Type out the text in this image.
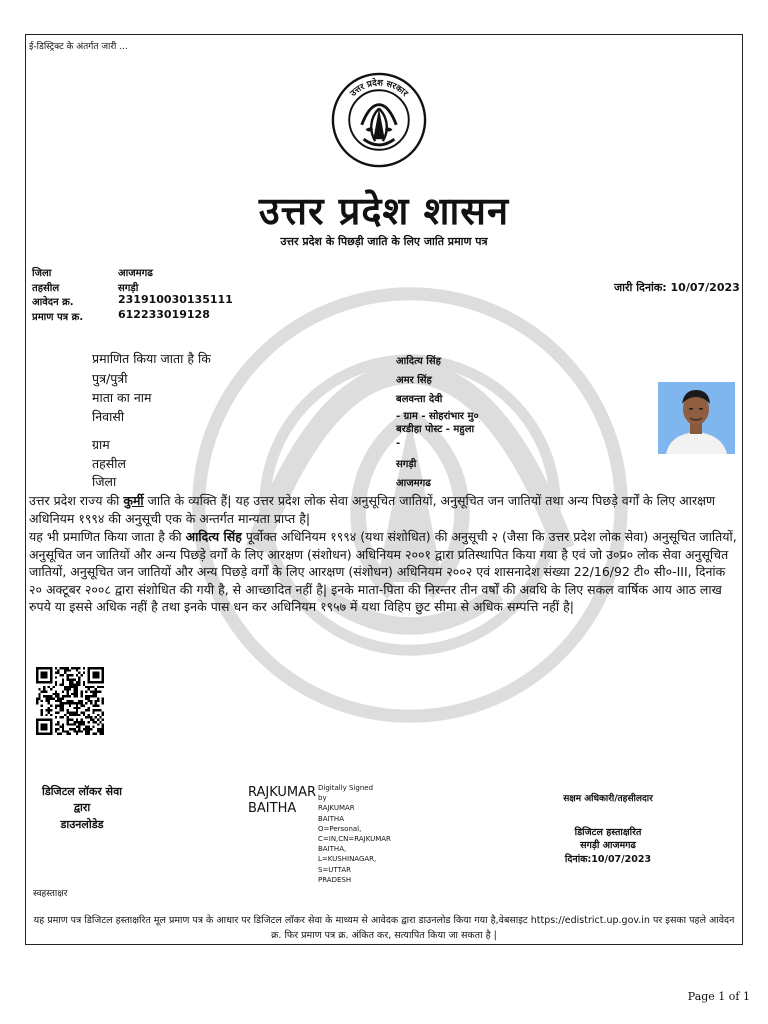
ई-डिस्ट्रिक्ट के अंतर्गत जारी ...
उत्तर प्रदेश सरकार
उत्तर प्रदेश शासन
उत्तर प्रदेश के पिछड़ी जाति के लिए जाति प्रमाण पत्र
जिला	आजमगढ
तहसील	सगड़ी
आवेदन क्र.	231910030135111
प्रमाण पत्र क्र.	612233019128
जारी दिनांक: 10/07/2023
प्रमाणित किया जाता है कि	आदित्य सिंह
पुत्र/पुत्री	अमर सिंह
माता का नाम	बलवन्ता देवी
निवासी	- ग्राम - सोहरांभार मु०
बरडीहा पोस्ट - महुला
ग्राम	-
तहसील	सगड़ी
जिला	आजमगढ
उत्तर प्रदेश राज्य की कुर्मी जाति के व्यक्ति हैं| यह उत्तर प्रदेश लोक सेवा अनुसूचित जातियों, अनुसूचित जन जातियों तथा अन्य पिछड़े वर्गों के लिए आरक्षण अधिनियम १९९४ की अनुसूची एक के अन्तर्गत मान्यता प्राप्त है|
यह भी प्रमाणित किया जाता है की आदित्य सिंह पूर्वोक्त अधिनियम १९९४ (यथा संशोधित) की अनुसूची २ (जैसा कि उत्तर प्रदेश लोक सेवा) अनुसूचित जातियों, अनुसूचित जन जातियों और अन्य पिछड़े वर्गों के लिए आरक्षण (संशोधन) अधिनियम २००१ द्वारा प्रतिस्थापित किया गया है एवं जो उ०प्र० लोक सेवा अनुसूचित जातियों, अनुसूचित जन जातियों और अन्य पिछड़े वर्गों के लिए आरक्षण (संशोधन) अधिनियम २००२ एवं शासनादेश संख्या 22/16/92 टी० सी०-III, दिनांक २० अक्टूबर २००८ द्वारा संशोधित की गयी है, से आच्छादित नहीं है| इनके माता-पिता की निरन्तर तीन वर्षों की अवधि के लिए सकल वार्षिक आय आठ लाख रुपये या इससे अधिक नहीं है तथा इनके पास धन कर अधिनियम १९५७ में यथा विहिप छुट सीमा से अधिक सम्पत्ति नहीं है|
डिजिटल लॉकर सेवा
द्वारा
डाउनलोडेड
RAJKUMAR
BAITHA
Digitally Signed
by
RAJKUMAR
BAITHA
O=Personal,
C=IN,CN=RAJKUMAR
BAITHA,
L=KUSHINAGAR,
S=UTTAR
PRADESH
सक्षम अधिकारी/तहसीलदार
डिजिटल हस्ताक्षरित
सगड़ी आजमगढ
दिनांक:10/07/2023
स्वहस्ताक्षर
यह प्रमाण पत्र डिजिटल हस्ताक्षरित मूल प्रमाण पत्र के आधार पर डिजिटल लॉकर सेवा के माध्यम से आवेदक द्वारा डाउनलोड किया गया है,वेबसाइट https://edistrict.up.gov.in पर इसका पहले आवेदन क्र. फिर प्रमाण पत्र क्र. अंकित कर, सत्यापित किया जा सकता है |
Page 1 of 1
